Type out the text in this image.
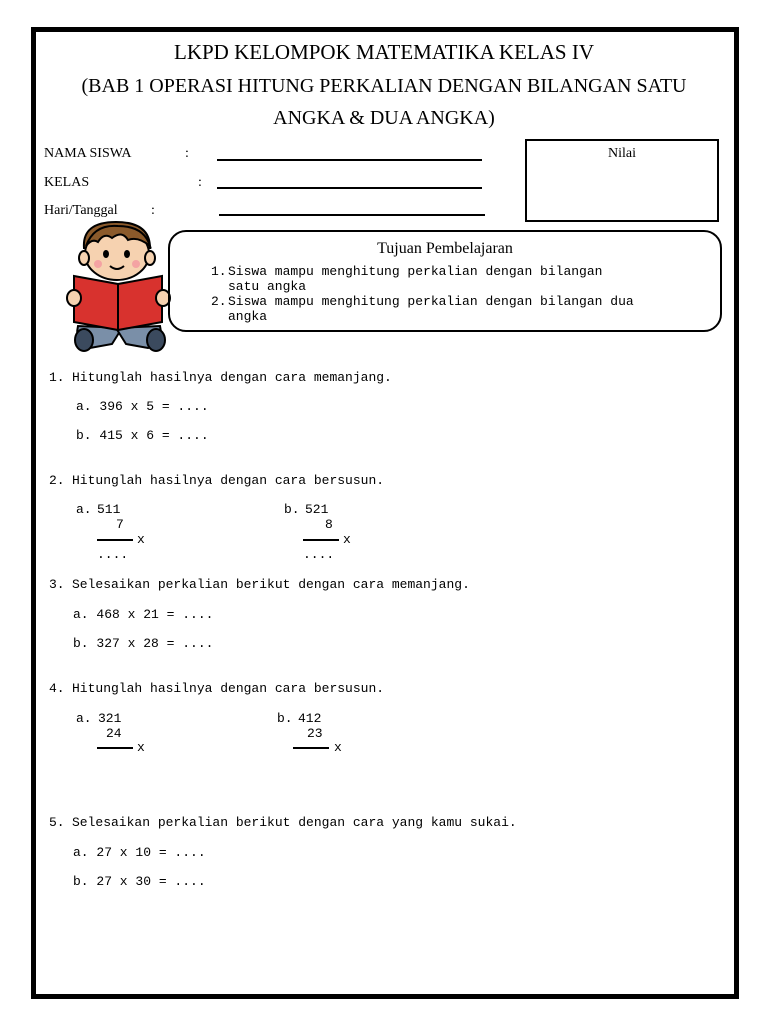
LKPD KELOMPOK MATEMATIKA KELAS IV
(BAB 1 OPERASI HITUNG PERKALIAN DENGAN BILANGAN SATU
ANGKA & DUA ANGKA)
NAMA SISWA	:
KELAS	:
Hari/Tanggal :
Nilai
Tujuan Pembelajaran
1. Siswa mampu menghitung perkalian dengan bilangan
satu angka
2. Siswa mampu menghitung perkalian dengan bilangan dua
angka
1. Hitunglah hasilnya dengan cara memanjang.
a. 396 x 5 = ....
b. 415 x 6 = ....
2. Hitunglah hasilnya dengan cara bersusun.
a. 511
7
x
....
b. 521
8
x
....
3. Selesaikan perkalian berikut dengan cara memanjang.
a. 468 x 21 = ....
b. 327 x 28 = ....
4. Hitunglah hasilnya dengan cara bersusun.
a. 321
24
x
b. 412
23
x
5. Selesaikan perkalian berikut dengan cara yang kamu sukai.
a. 27 x 10 = ....
b. 27 x 30 = ....
